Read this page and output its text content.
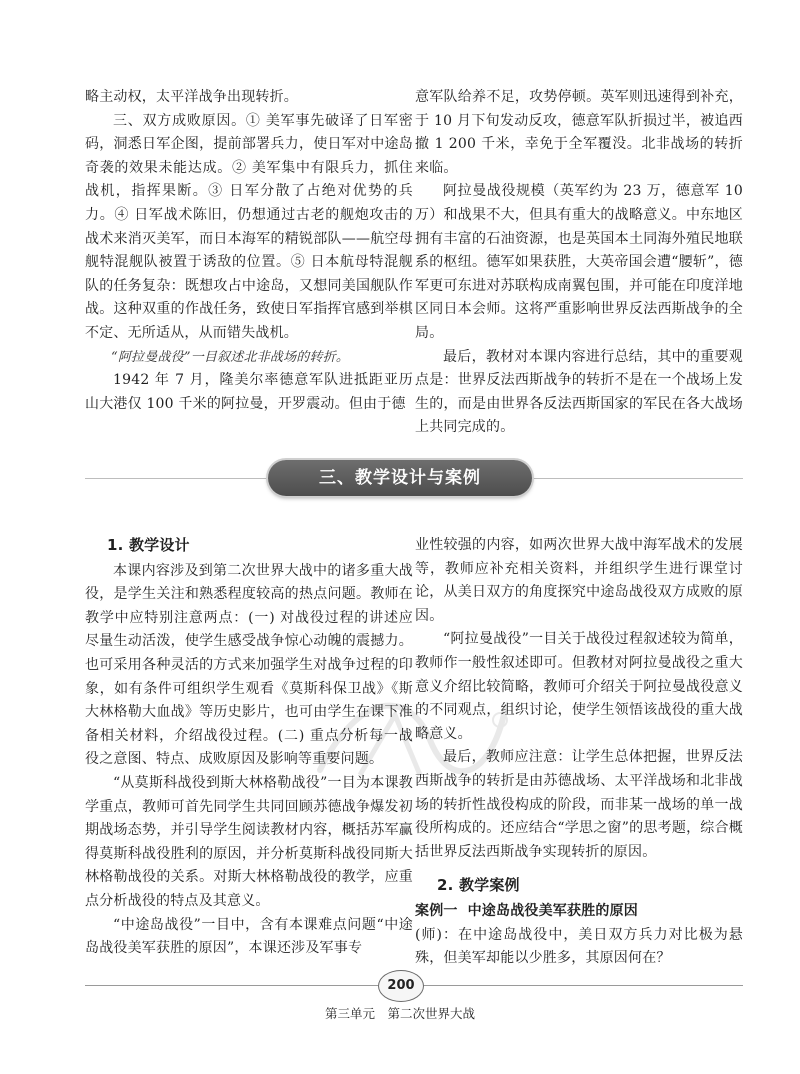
略主动权，太平洋战争出现转折。

三、双方成败原因。① 美军事先破译了日军密码，洞悉日军企图，提前部署兵力，使日军对中途岛奇袭的效果未能达成。② 美军集中有限兵力，抓住战机，指挥果断。③ 日军分散了占绝对优势的兵力。④ 日军战术陈旧，仍想通过古老的舰炮攻击的战术来消灭美军，而日本海军的精锐部队——航空母舰特混舰队被置于诱敌的位置。⑤ 日本航母特混舰队的任务复杂：既想攻占中途岛，又想同美国舰队作战。这种双重的作战任务，致使日军指挥官感到举棋不定、无所适从，从而错失战机。

“阿拉曼战役”一目叙述北非战场的转折。

1942 年 7 月，隆美尔率德意军队进抵距亚历山大港仅 100 千米的阿拉曼，开罗震动。但由于德

意军队给养不足，攻势停顿。英军则迅速得到补充，于 10 月下旬发动反攻，德意军队折损过半，被追西撤 1 200 千米，幸免于全军覆没。北非战场的转折来临。

阿拉曼战役规模（英军约为 23 万，德意军 10 万）和战果不大，但具有重大的战略意义。中东地区拥有丰富的石油资源，也是英国本土同海外殖民地联系的枢纽。德军如果获胜，大英帝国会遭“腰斩”，德军更可东进对苏联构成南翼包围，并可能在印度洋地区同日本会师。这将严重影响世界反法西斯战争的全局。

最后，教材对本课内容进行总结，其中的重要观点是：世界反法西斯战争的转折不是在一个战场上发生的，而是由世界各反法西斯国家的军民在各大战场上共同完成的。

三、教学设计与案例
1. 教学设计

本课内容涉及到第二次世界大战中的诸多重大战役，是学生关注和熟悉程度较高的热点问题。教师在教学中应特别注意两点：(一) 对战役过程的讲述应尽量生动活泼，使学生感受战争惊心动魄的震撼力。也可采用各种灵活的方式来加强学生对战争过程的印象，如有条件可组织学生观看《莫斯科保卫战》《斯大林格勒大血战》等历史影片，也可由学生在课下准备相关材料，介绍战役过程。(二) 重点分析每一战役之意图、特点、成败原因及影响等重要问题。

“从莫斯科战役到斯大林格勒战役”一目为本课教学重点，教师可首先同学生共同回顾苏德战争爆发初期战场态势，并引导学生阅读教材内容，概括苏军赢得莫斯科战役胜利的原因，并分析莫斯科战役同斯大林格勒战役的关系。对斯大林格勒战役的教学，应重点分析战役的特点及其意义。

“中途岛战役”一目中，含有本课难点问题“中途岛战役美军获胜的原因”，本课还涉及军事专

业性较强的内容，如两次世界大战中海军战术的发展等，教师应补充相关资料，并组织学生进行课堂讨论，从美日双方的角度探究中途岛战役双方成败的原因。

“阿拉曼战役”一目关于战役过程叙述较为简单，教师作一般性叙述即可。但教材对阿拉曼战役之重大意义介绍比较简略，教师可介绍关于阿拉曼战役意义的不同观点，组织讨论，使学生领悟该战役的重大战略意义。

最后，教师应注意：让学生总体把握，世界反法西斯战争的转折是由苏德战场、太平洋战场和北非战场的转折性战役构成的阶段，而非某一战场的单一战役所构成的。还应结合“学思之窗”的思考题，综合概括世界反法西斯战争实现转折的原因。

2. 教学案例

案例一 中途岛战役美军获胜的原因

(师)：在中途岛战役中，美日双方兵力对比极为悬殊，但美军却能以少胜多，其原因何在？

200
第三单元　第二次世界大战
